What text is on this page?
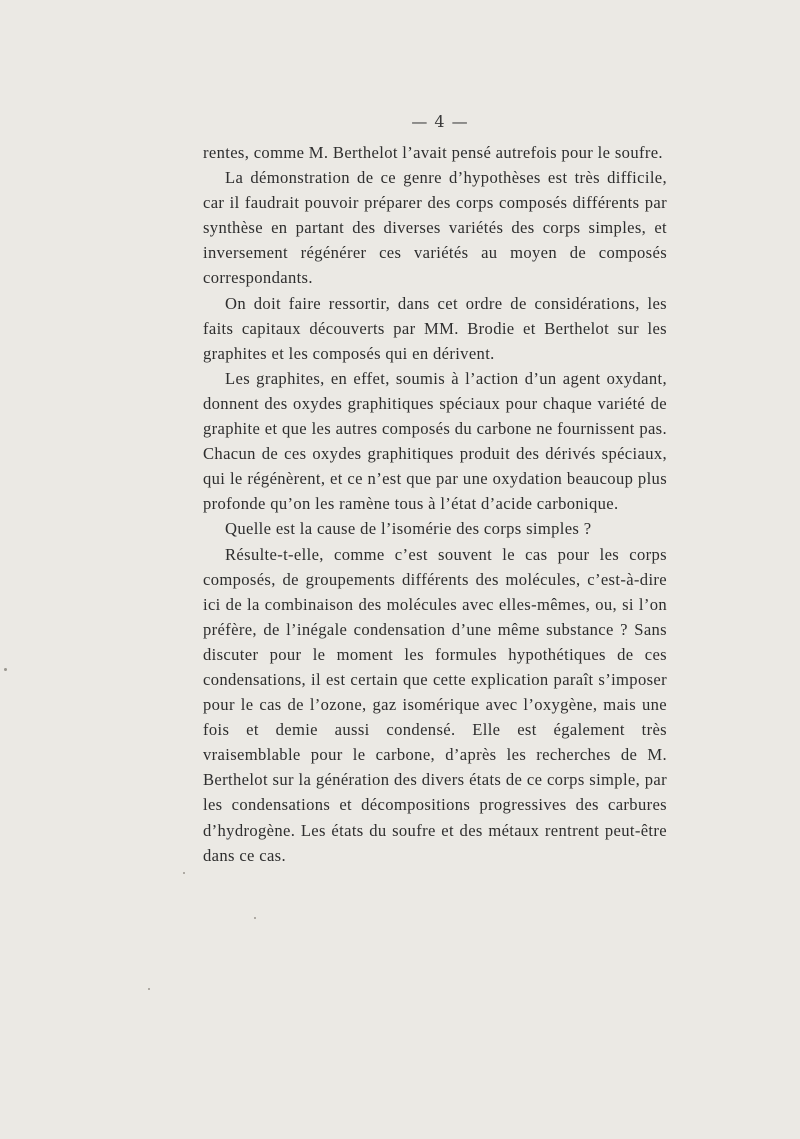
— 4 —

rentes, comme M. Berthelot l’avait pensé autrefois pour le soufre.

La démonstration de ce genre d’hypothèses est très difficile, car il faudrait pouvoir préparer des corps composés différents par synthèse en partant des diverses variétés des corps simples, et inversement régénérer ces variétés au moyen de composés correspondants.

On doit faire ressortir, dans cet ordre de considérations, les faits capitaux découverts par MM. Brodie et Berthelot sur les graphites et les composés qui en dérivent.

Les graphites, en effet, soumis à l’action d’un agent oxydant, donnent des oxydes graphitiques spéciaux pour chaque variété de graphite et que les autres composés du carbone ne fournissent pas. Chacun de ces oxydes graphitiques produit des dérivés spéciaux, qui le régénèrent, et ce n’est que par une oxydation beaucoup plus profonde qu’on les ramène tous à l’état d’acide carbonique.

Quelle est la cause de l’isomérie des corps simples ?

Résulte-t-elle, comme c’est souvent le cas pour les corps composés, de groupements différents des molécules, c’est-à-dire ici de la combinaison des molécules avec elles-mêmes, ou, si l’on préfère, de l’inégale condensation d’une même substance ? Sans discuter pour le moment les formules hypothétiques de ces condensations, il est certain que cette explication paraît s’imposer pour le cas de l’ozone, gaz isomérique avec l’oxygène, mais une fois et demie aussi condensé. Elle est également très vraisemblable pour le carbone, d’après les recherches de M. Berthelot sur la génération des divers états de ce corps simple, par les condensations et décompositions progressives des carbures d’hydrogène. Les états du soufre et des métaux rentrent peut-être dans ce cas.
